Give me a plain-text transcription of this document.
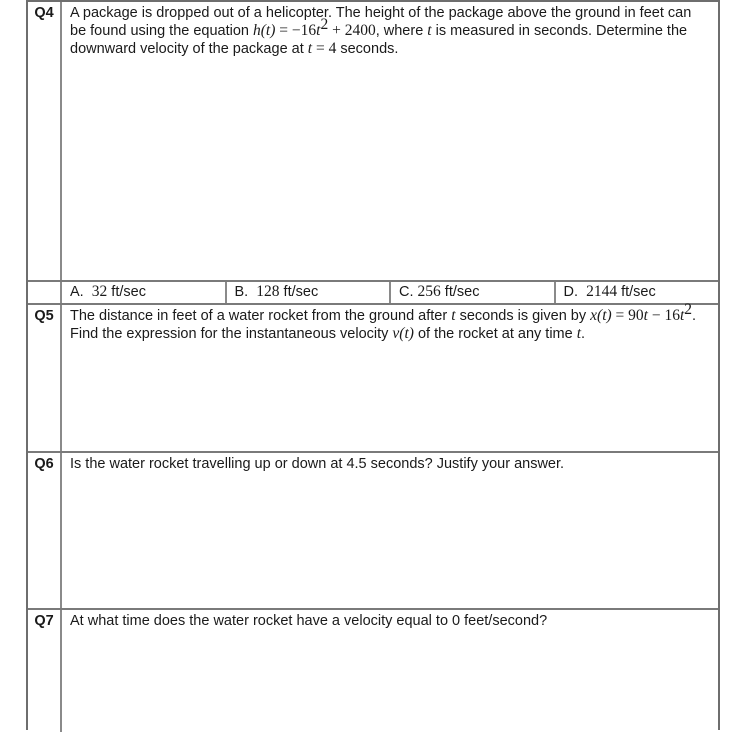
Q4	A package is dropped out of a helicopter. The height of the package above the ground in feet can be found using the equation $h(t) = -16t^2 + 2400$, where t is measured in seconds. Determine the downward velocity of the package at t = 4 seconds.
A. 32 ft/sec	B. 128 ft/sec	C. 256 ft/sec	D. 2144 ft/sec
Q5	The distance in feet of a water rocket from the ground after t seconds is given by $x(t) = 90t - 16t^2$. Find the expression for the instantaneous velocity v(t) of the rocket at any time t.
Q6	Is the water rocket travelling up or down at 4.5 seconds? Justify your answer.
Q7	At what time does the water rocket have a velocity equal to 0 feet/second?
